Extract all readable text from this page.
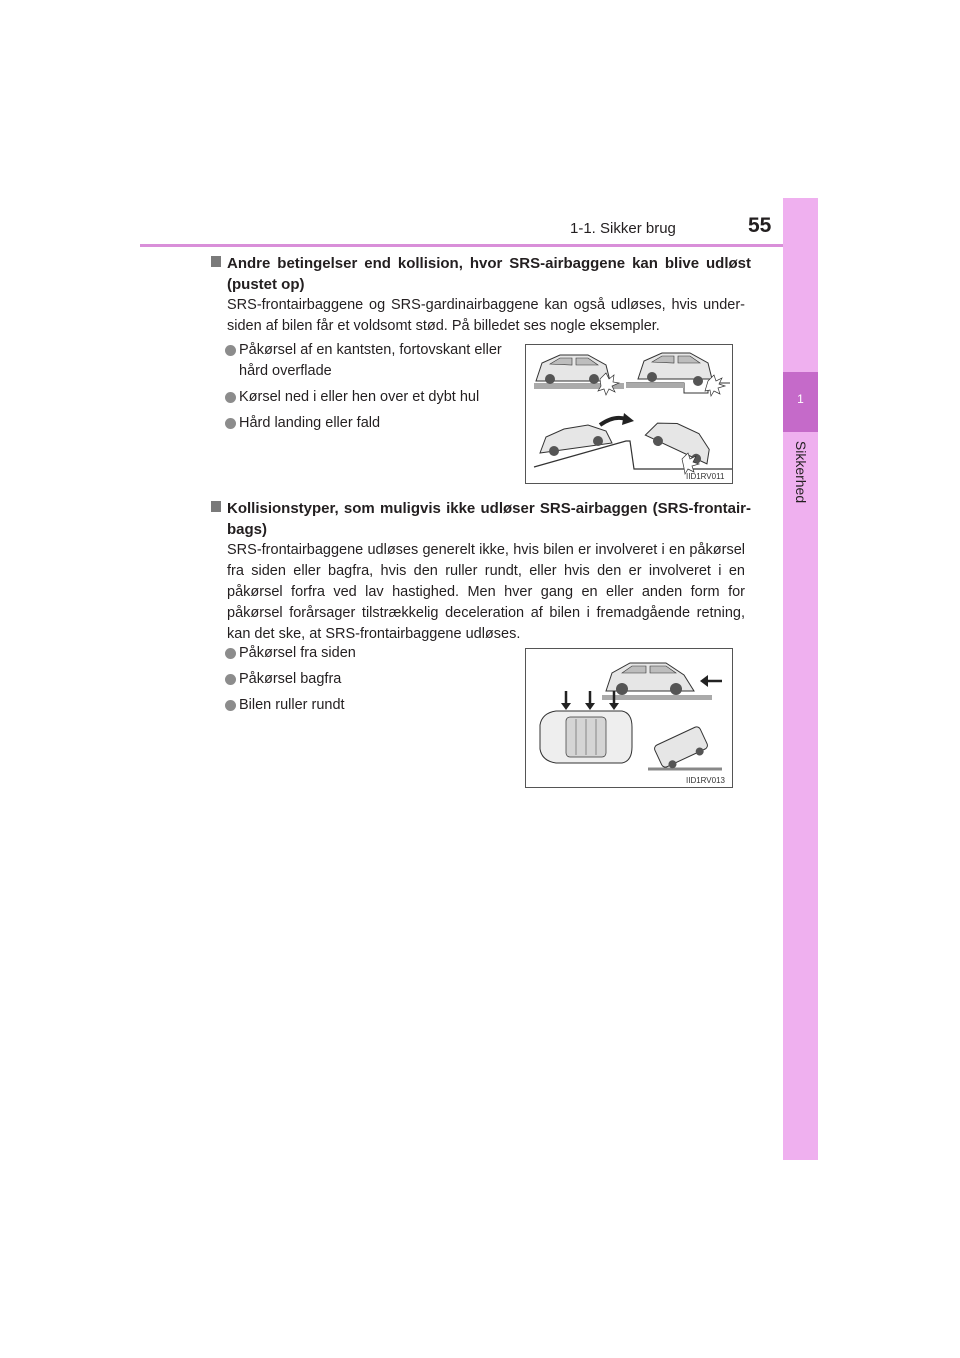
1-1. Sikker brug	55
1
Sikkerhed
Andre betingelser end kollision, hvor SRS-airbaggene kan blive udløst (pustet op)
SRS-frontairbaggene og SRS-gardinairbaggene kan også udløses, hvis under-siden af bilen får et voldsomt stød. På billedet ses nogle eksempler.
Påkørsel af en kantsten, fortovskant eller hård overflade
Kørsel ned i eller hen over et dybt hul
Hård landing eller fald
IID1RV011
Kollisionstyper, som muligvis ikke udløser SRS-airbaggen (SRS-frontair-bags)
SRS-frontairbaggene udløses generelt ikke, hvis bilen er involveret i en påkørsel fra siden eller bagfra, hvis den ruller rundt, eller hvis den er involveret i en påkørsel forfra ved lav hastighed. Men hver gang en eller anden form for påkørsel forårsager tilstrækkelig deceleration af bilen i fremadgående retning, kan det ske, at SRS-frontairbaggene udløses.
Påkørsel fra siden
Påkørsel bagfra
Bilen ruller rundt
IID1RV013
